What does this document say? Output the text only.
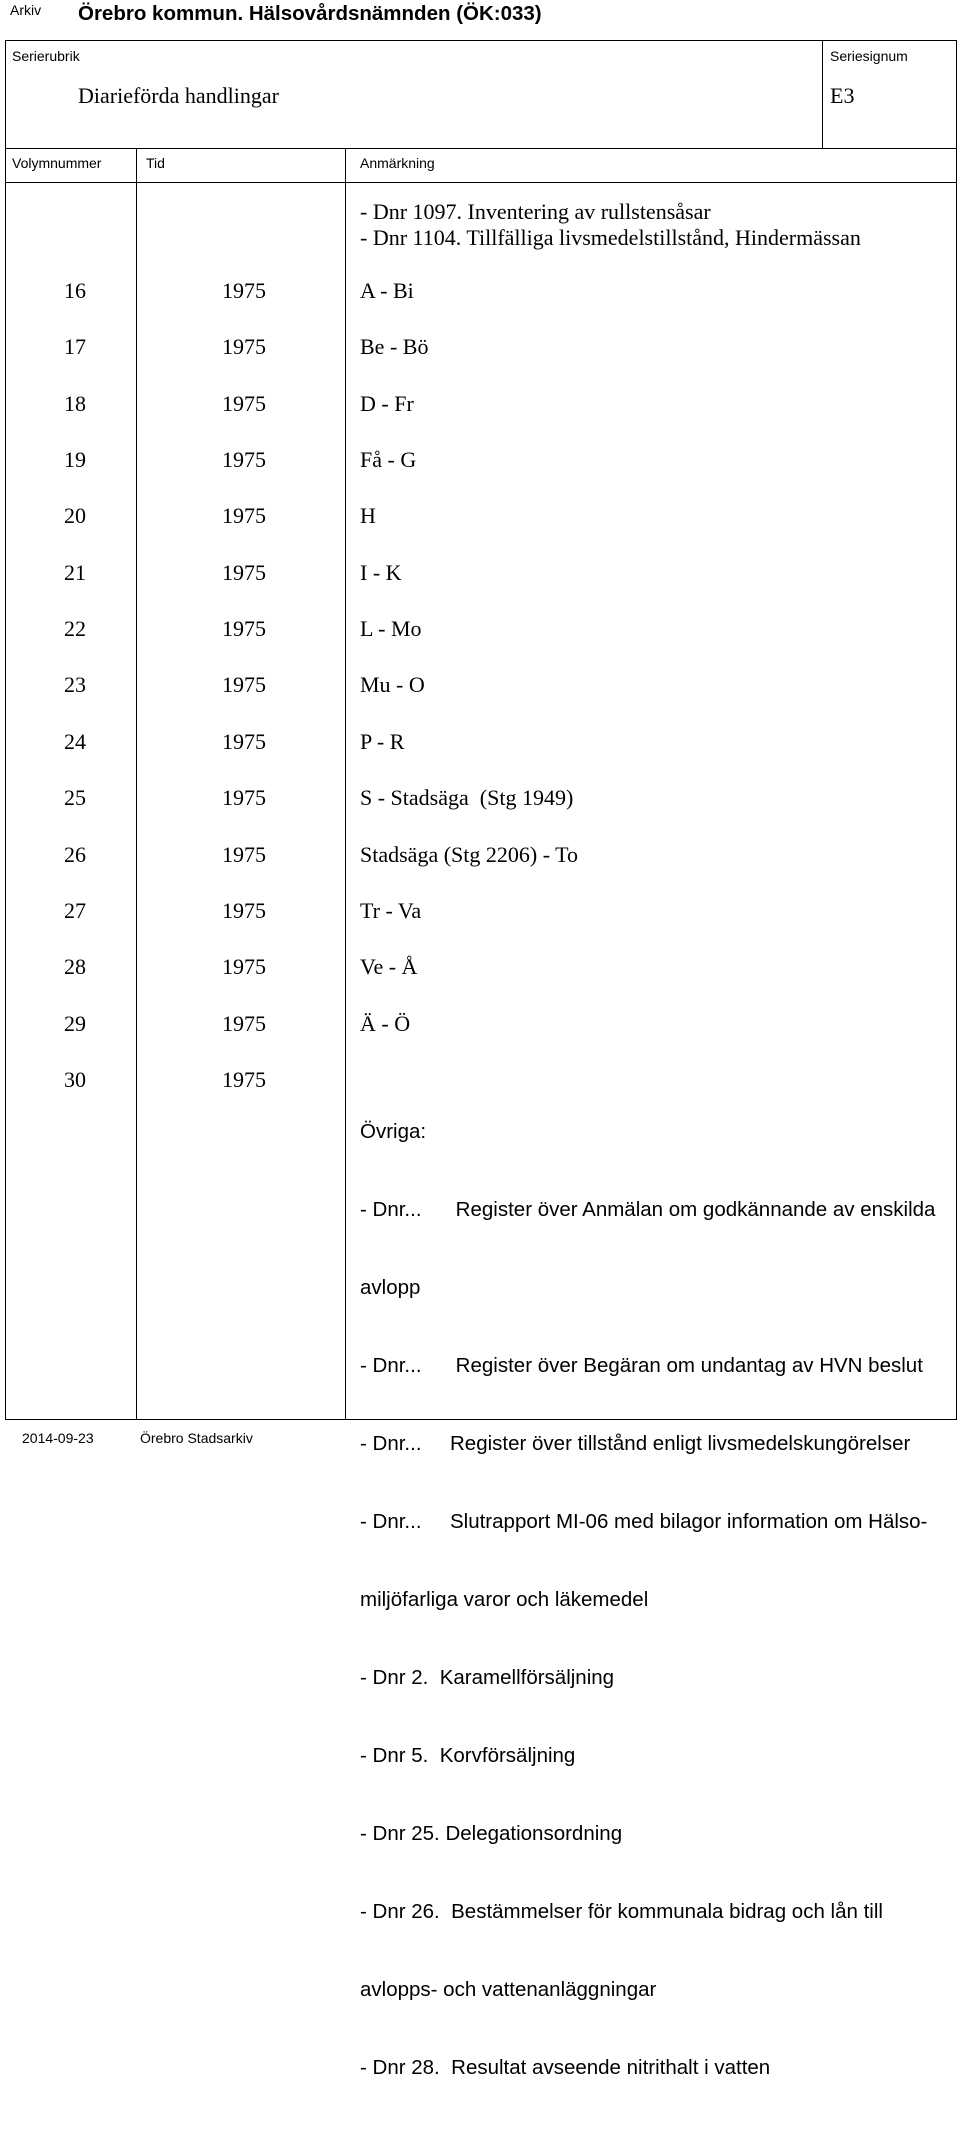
Arkiv Örebro kommun. Hälsovårdsnämnden (ÖK:033)
Serierubrik
Diarieförda handlingar
Seriesignum
E3
Volymnummer	Tid	Anmärkning
- Dnr 1097. Inventering av rullstensåsar
- Dnr 1104. Tillfälliga livsmedelstillstånd, Hindermässan
16	1975	A - Bi
17	1975	Be - Bö
18	1975	D - Fr
19	1975	Få - G
20	1975	H
21	1975	I - K
22	1975	L - Mo
23	1975	Mu - O
24	1975	P - R
25	1975	S - Stadsäga  (Stg 1949)
26	1975	Stadsäga (Stg 2206) - To
27	1975	Tr - Va
28	1975	Ve - Å
29	1975	Ä - Ö
30	1975

Övriga:

- Dnr...      Register över Anmälan om godkännande av enskilda

avlopp

- Dnr...      Register över Begäran om undantag av HVN beslut

- Dnr...     Register över tillstånd enligt livsmedelskungörelser

- Dnr...     Slutrapport MI-06 med bilagor information om Hälso-

miljöfarliga varor och läkemedel

- Dnr 2.  Karamellförsäljning

- Dnr 5.  Korvförsäljning

- Dnr 25. Delegationsordning

- Dnr 26.  Bestämmelser för kommunala bidrag och lån till

avlopps- och vattenanläggningar

- Dnr 28.  Resultat avseende nitrithalt i vatten

2014-09-23	Örebro Stadsarkiv
